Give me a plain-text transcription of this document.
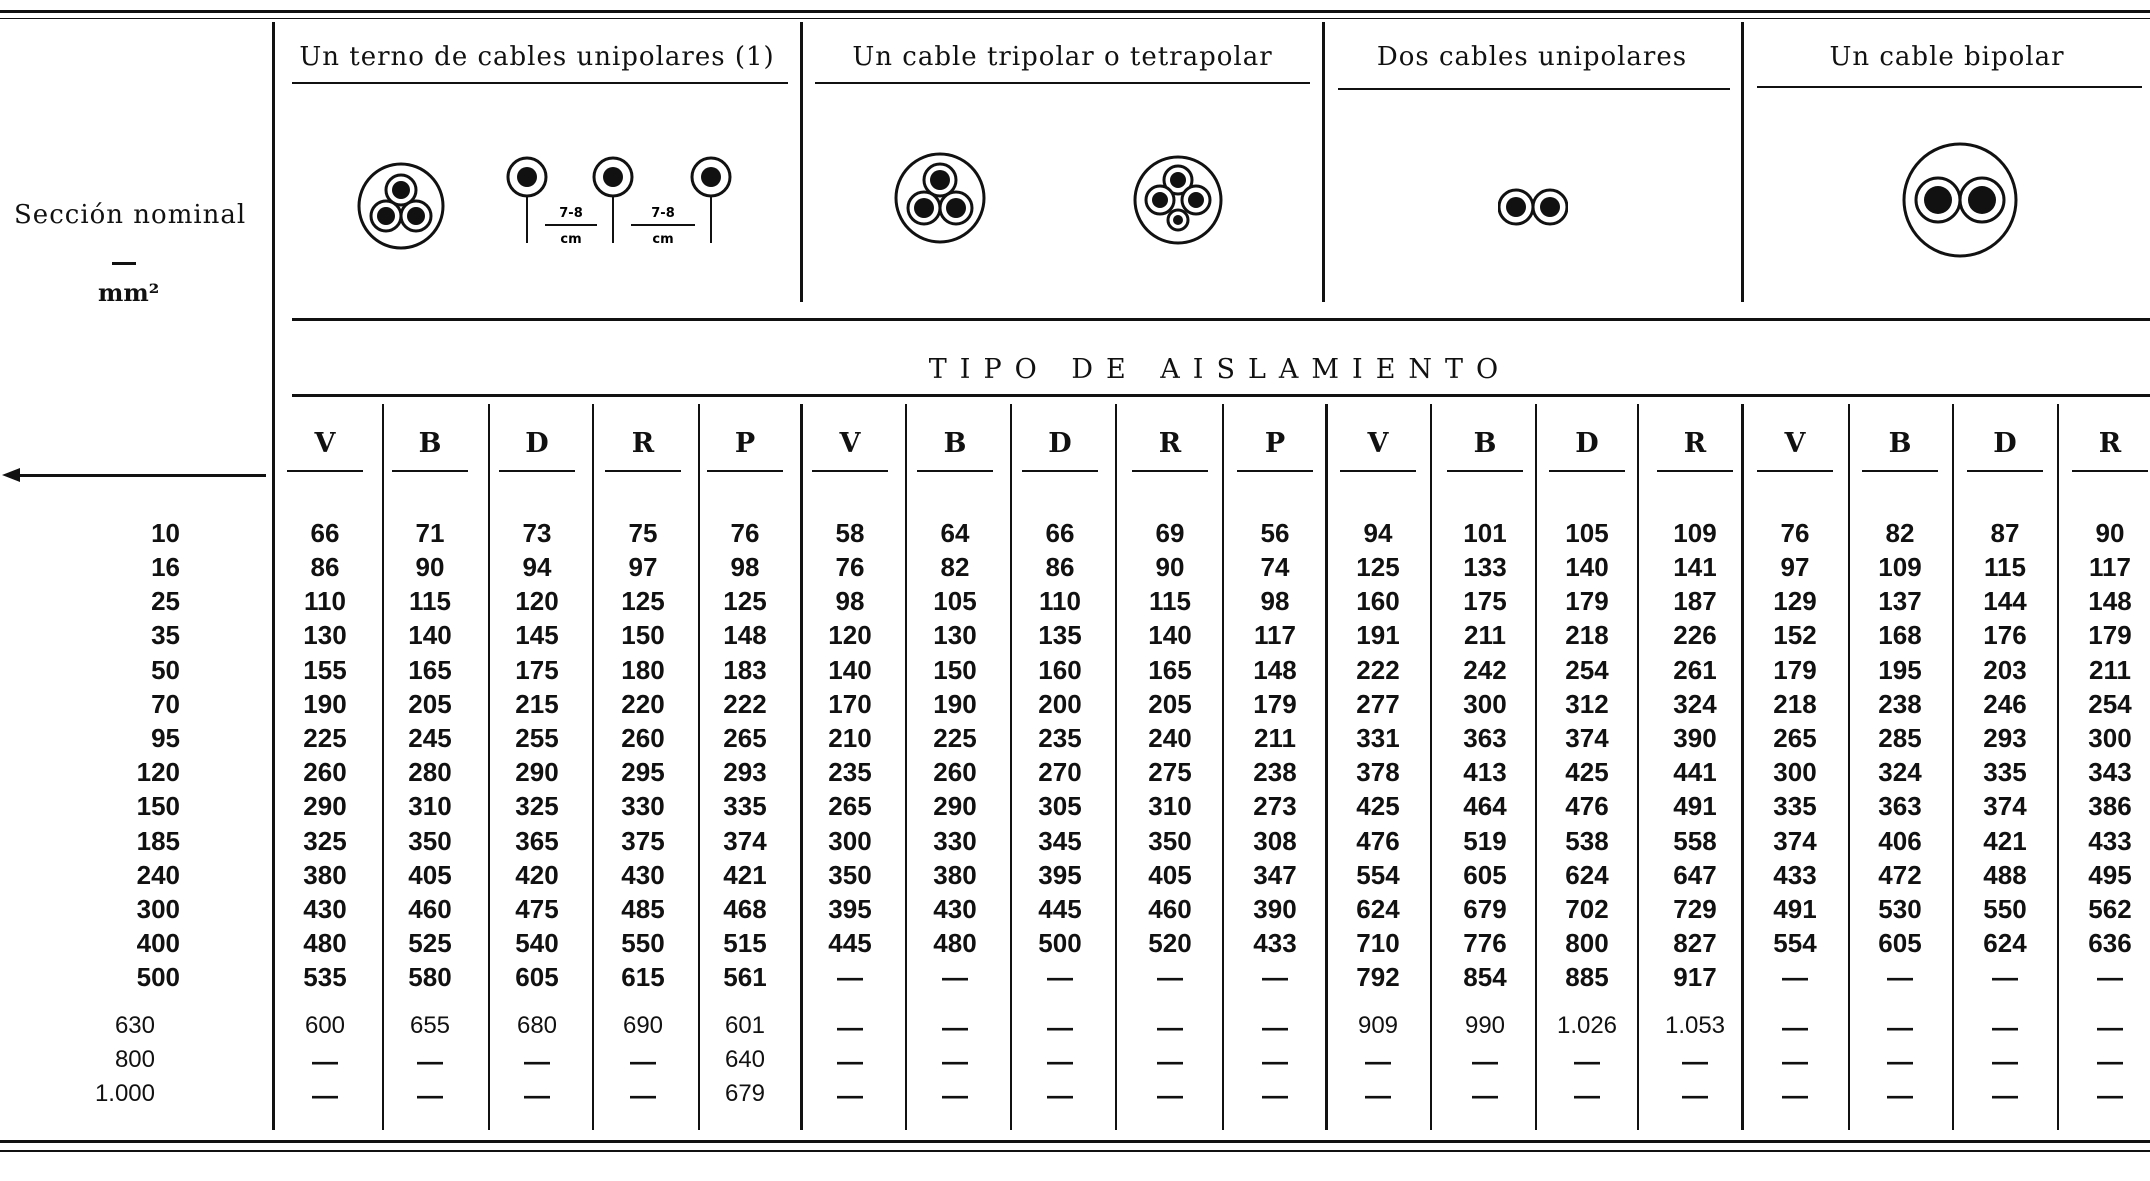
Sección nominal
mm²
Un terno de cables unipolares (1)	Un cable tripolar o tetrapolar	Dos cables unipolares	Un cable bipolar
7-8
cm
7-8
cm
TIPO DE AISLAMIENTO
V	B	D	R	P	V	B	D	R	P	V	B	D	R	V	B	D	R
10	66	71	73	75	76	58	64	66	69	56	94	101	105	109	76	82	87	90
16	86	90	94	97	98	76	82	86	90	74	125	133	140	141	97	109	115	117
25	110	115	120	125	125	98	105	110	115	98	160	175	179	187	129	137	144	148
35	130	140	145	150	148	120	130	135	140	117	191	211	218	226	152	168	176	179
50	155	165	175	180	183	140	150	160	165	148	222	242	254	261	179	195	203	211
70	190	205	215	220	222	170	190	200	205	179	277	300	312	324	218	238	246	254
95	225	245	255	260	265	210	225	235	240	211	331	363	374	390	265	285	293	300
120	260	280	290	295	293	235	260	270	275	238	378	413	425	441	300	324	335	343
150	290	310	325	330	335	265	290	305	310	273	425	464	476	491	335	363	374	386
185	325	350	365	375	374	300	330	345	350	308	476	519	538	558	374	406	421	433
240	380	405	420	430	421	350	380	395	405	347	554	605	624	647	433	472	488	495
300	430	460	475	485	468	395	430	445	460	390	624	679	702	729	491	530	550	562
400	480	525	540	550	515	445	480	500	520	433	710	776	800	827	554	605	624	636
500	535	580	605	615	561	—	—	—	—	—	792	854	885	917	—	—	—	—
630	600	655	680	690	601	—	—	—	—	—	909	990	1.026	1.053	—	—	—	—
800	—	—	—	—	640	—	—	—	—	—	—	—	—	—	—	—	—	—
1.000	—	—	—	—	679	—	—	—	—	—	—	—	—	—	—	—	—	—
